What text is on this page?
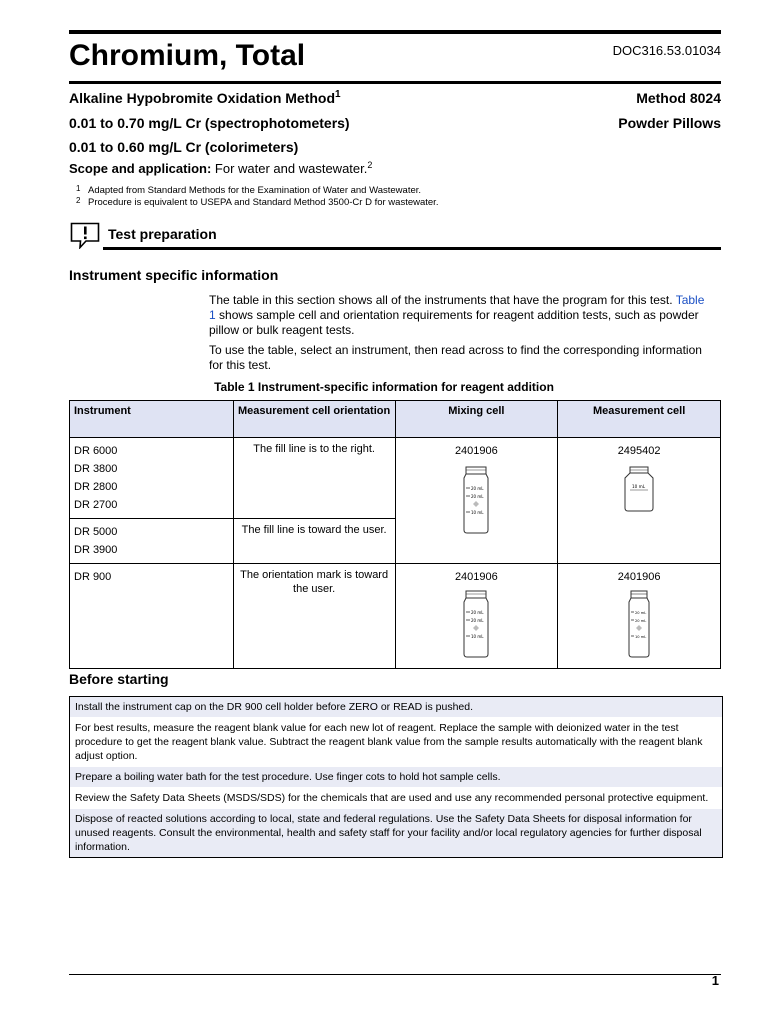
Chromium, Total	DOC316.53.01034
Alkaline Hypobromite Oxidation Method$^1$	Method 8024
0.01 to 0.70 mg/L Cr (spectrophotometers)	Powder Pillows
0.01 to 0.60 mg/L Cr (colorimeters)
Scope and application: For water and wastewater.$^2$
1 Adapted from Standard Methods for the Examination of Water and Wastewater.
2 Procedure is equivalent to USEPA and Standard Method 3500-Cr D for wastewater.
Test preparation
Instrument specific information
The table in this section shows all of the instruments that have the program for this test. Table 1 shows sample cell and orientation requirements for reagent addition tests, such as powder pillow or bulk reagent tests.
To use the table, select an instrument, then read across to find the corresponding information for this test.
Table 1 Instrument-specific information for reagent addition
Instrument	Measurement cell orientation	Mixing cell	Measurement cell
DR 6000
DR 3800
DR 2800
DR 2700	The fill line is to the right.	2401906
20 mL
20 mL
10 mL	2495402
10 mL

DR 5000
DR 3900	The fill line is toward the user.		
DR 900	The orientation mark is toward the user.	2401906
20 mL
20 mL
10 mL	2401906
20 mL
20 mL
10 mL
Before starting
Install the instrument cap on the DR 900 cell holder before ZERO or READ is pushed.
For best results, measure the reagent blank value for each new lot of reagent. Replace the sample with deionized water in the test procedure to get the reagent blank value. Subtract the reagent blank value from the sample results automatically with the reagent blank adjust option.
Prepare a boiling water bath for the test procedure. Use finger cots to hold hot sample cells.
Review the Safety Data Sheets (MSDS/SDS) for the chemicals that are used and use any recommended personal protective equipment.
Dispose of reacted solutions according to local, state and federal regulations. Use the Safety Data Sheets for disposal information for unused reagents. Consult the environmental, health and safety staff for your facility and/or local regulatory agencies for further disposal information.
1
